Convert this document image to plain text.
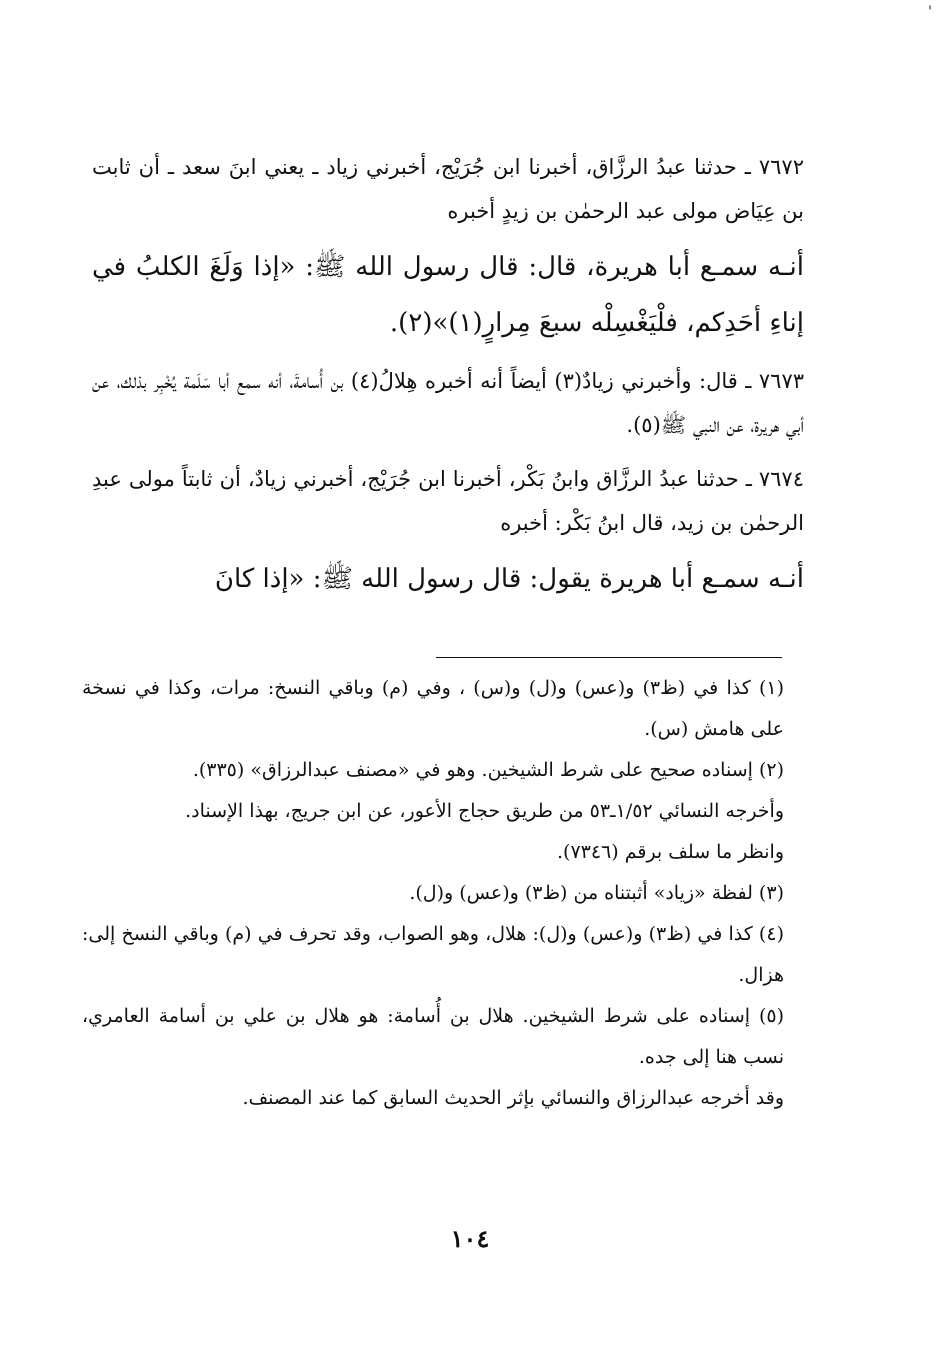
'

٧٦٧٢ ـ حدثنا عبدُ الرزَّاق، أخبرنا ابن جُرَيْج، أخبرني زياد ـ يعني ابنَ سعد ـ أن ثابت بن عِيَاض مولى عبد الرحمٰن بن زيدٍ أخبره

أنـه سمـع أبا هريرة، قال: قال رسول الله ﷺ: «إذا وَلَغَ الكلبُ في إناءِ أحَدِكم، فلْيَغْسِلْه سبعَ مِرارٍ(١)»(٢).

٧٦٧٣ ـ قال: وأخبرني زيادٌ(٣) أيضاً أنه أخبره هِلالُ(٤) بن أُسامةَ، أنه سمع أبا سَلَمة يُخْبِر بذلك، عن أبي هريرة، عن النبي ﷺ(٥).

٧٦٧٤ ـ حدثنا عبدُ الرزَّاق وابنُ بَكْر، أخبرنا ابن جُرَيْج، أخبرني زيادٌ، أن ثابتاً مولى عبدِ الرحمٰن بن زيد، قال ابنُ بَكْر: أخبره

أنـه سمـع أبا هريرة يقول: قال رسول الله ﷺ: «إذا كانَ

(١) كذا في (ظ٣) و(عس) و(ل) و(س) ، وفي (م) وباقي النسخ: مرات، وكذا في نسخة على هامش (س).

(٢) إسناده صحيح على شرط الشيخين. وهو في «مصنف عبدالرزاق» (٣٣٥).

وأخرجه النسائي ١/٥٢ـ٥٣ من طريق حجاج الأعور، عن ابن جريج، بهذا الإسناد.

وانظر ما سلف برقم (٧٣٤٦).

(٣) لفظة «زياد» أثبتناه من (ظ٣) و(عس) و(ل).

(٤) كذا في (ظ٣) و(عس) و(ل): هلال، وهو الصواب، وقد تحرف في (م) وباقي النسخ إلى: هزال.

(٥) إسناده على شرط الشيخين. هلال بن أُسامة: هو هلال بن علي بن أسامة العامري، نسب هنا إلى جده.

وقد أخرجه عبدالرزاق والنسائي بإثر الحديث السابق كما عند المصنف.

١٠٤
